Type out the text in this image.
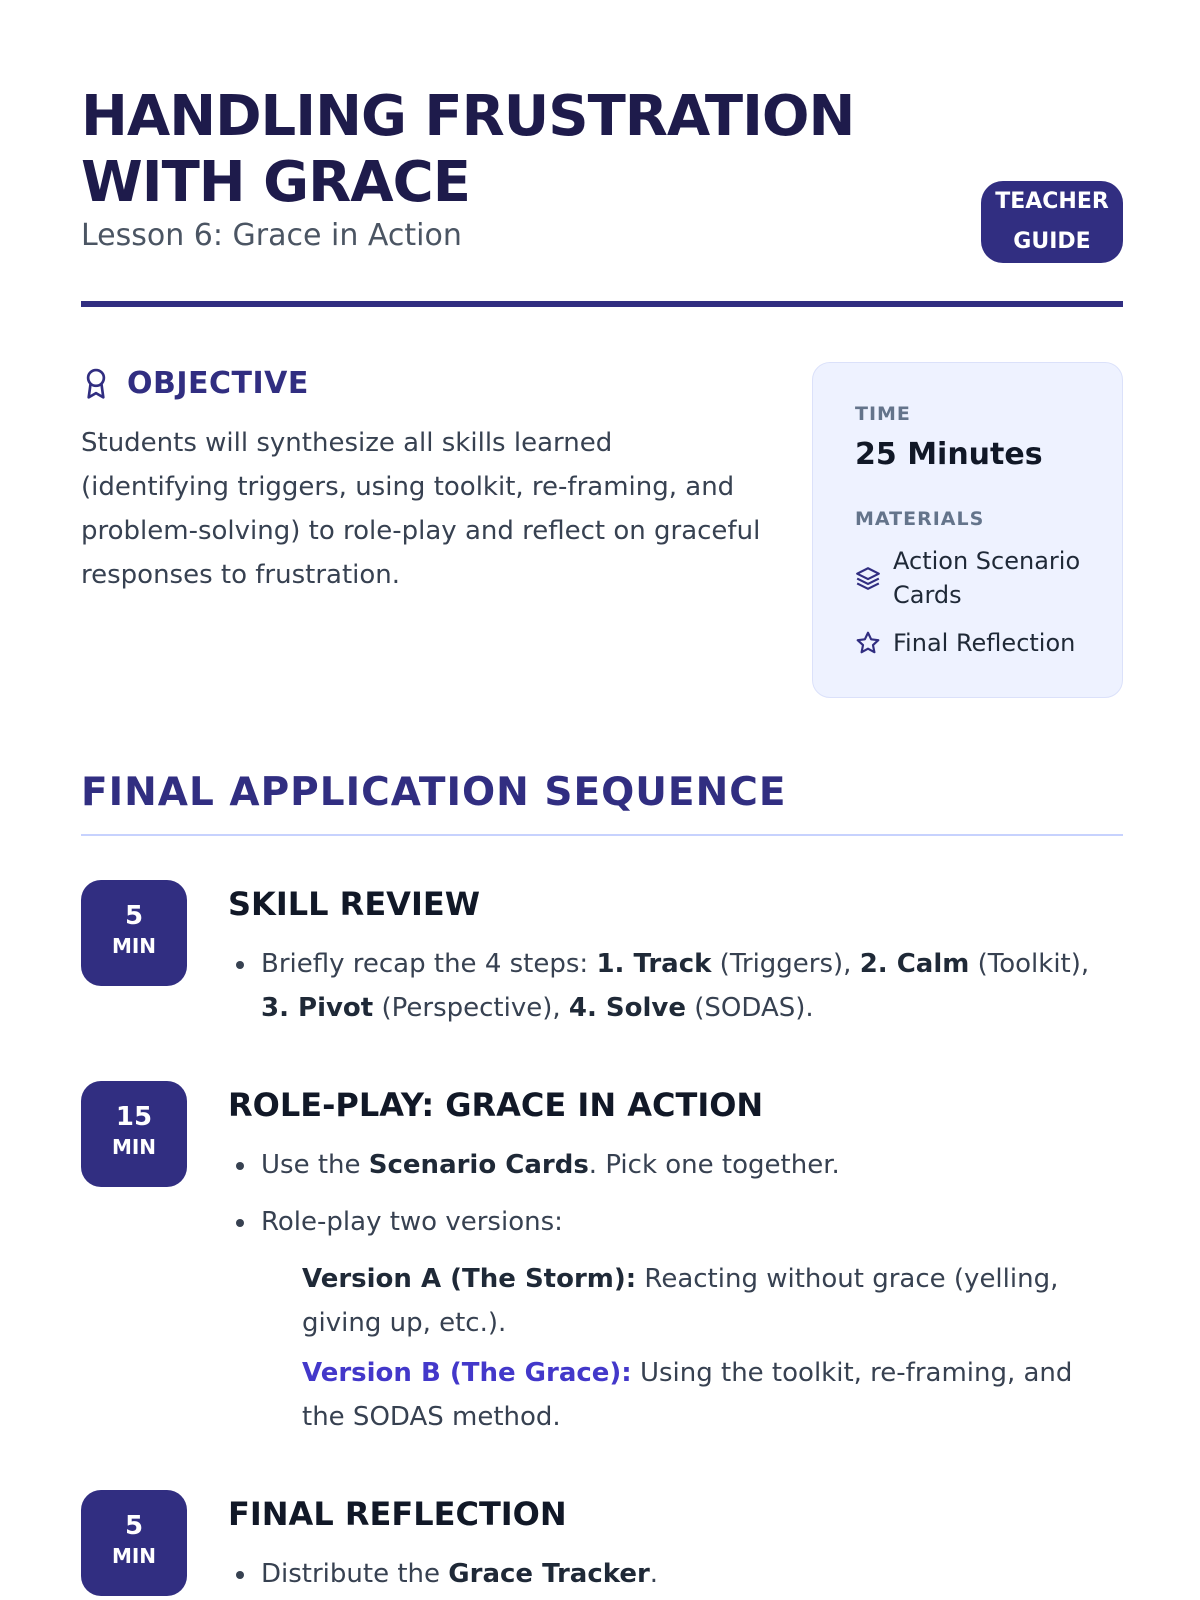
HANDLING FRUSTRATION WITH GRACE
Lesson 6: Grace in Action
TEACHER GUIDE
OBJECTIVE

Students will synthesize all skills learned (identifying triggers, using toolkit, re-framing, and problem-solving) to role-play and reflect on graceful responses to frustration.

TIME
25 Minutes
MATERIALS
Action Scenario Cards
Final Reflection
FINAL APPLICATION SEQUENCE
5
MIN
SKILL REVIEW
Briefly recap the 4 steps: 1. Track (Triggers), 2. Calm (Toolkit), 3. Pivot (Perspective), 4. Solve (SODAS).
15
MIN
ROLE-PLAY: GRACE IN ACTION
Use the Scenario Cards. Pick one together.
Role-play two versions:

Version A (The Storm): Reacting without grace (yelling, giving up, etc.).

Version B (The Grace): Using the toolkit, re-framing, and the SODAS method.

5
MIN
FINAL REFLECTION
Distribute the Grace Tracker.
